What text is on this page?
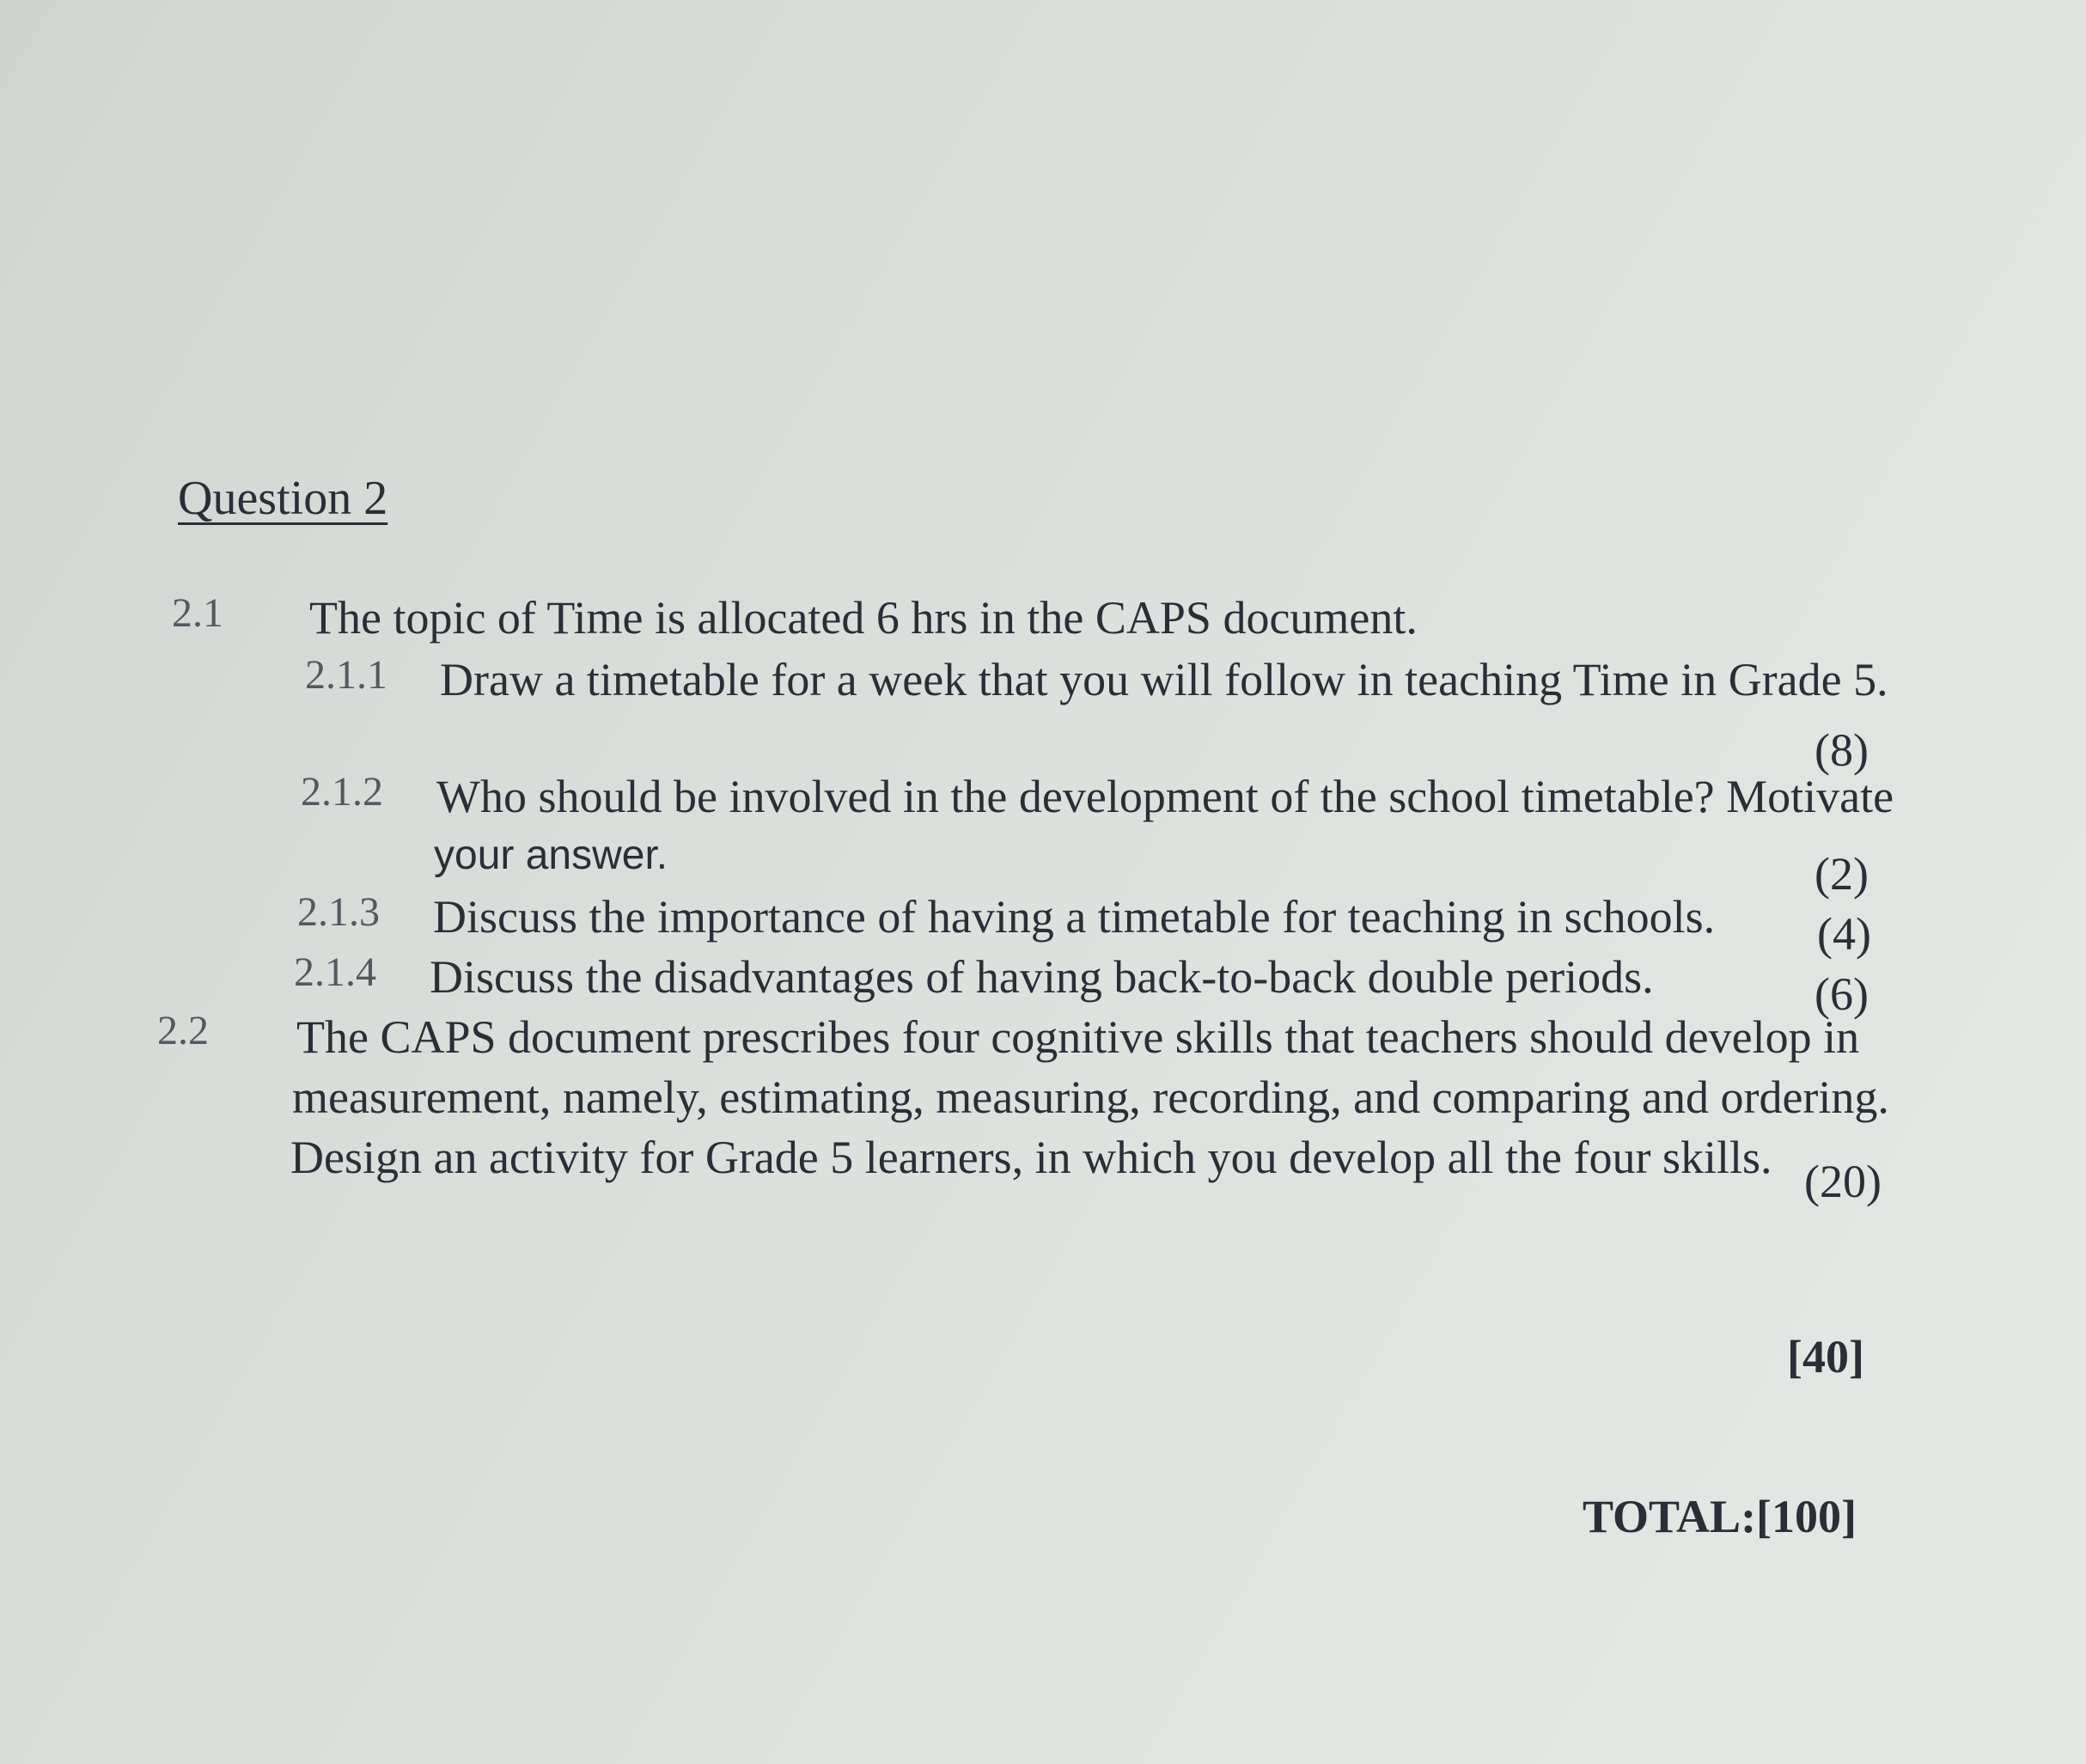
Question 2
2.1 The topic of Time is allocated 6 hrs in the CAPS document.
2.1.1 Draw a timetable for a week that you will follow in teaching Time in Grade 5.
(8)
2.1.2 Who should be involved in the development of the school timetable? Motivate
your answer.	(2)
2.1.3 Discuss the importance of having a timetable for teaching in schools. (4)
2.1.4 Discuss the disadvantages of having back-to-back double periods.	(6)
2.2 The CAPS document prescribes four cognitive skills that teachers should develop in
measurement, namely, estimating, measuring, recording, and comparing and ordering.
Design an activity for Grade 5 learners, in which you develop all the four skills. (20)
[40]
TOTAL:[100]
